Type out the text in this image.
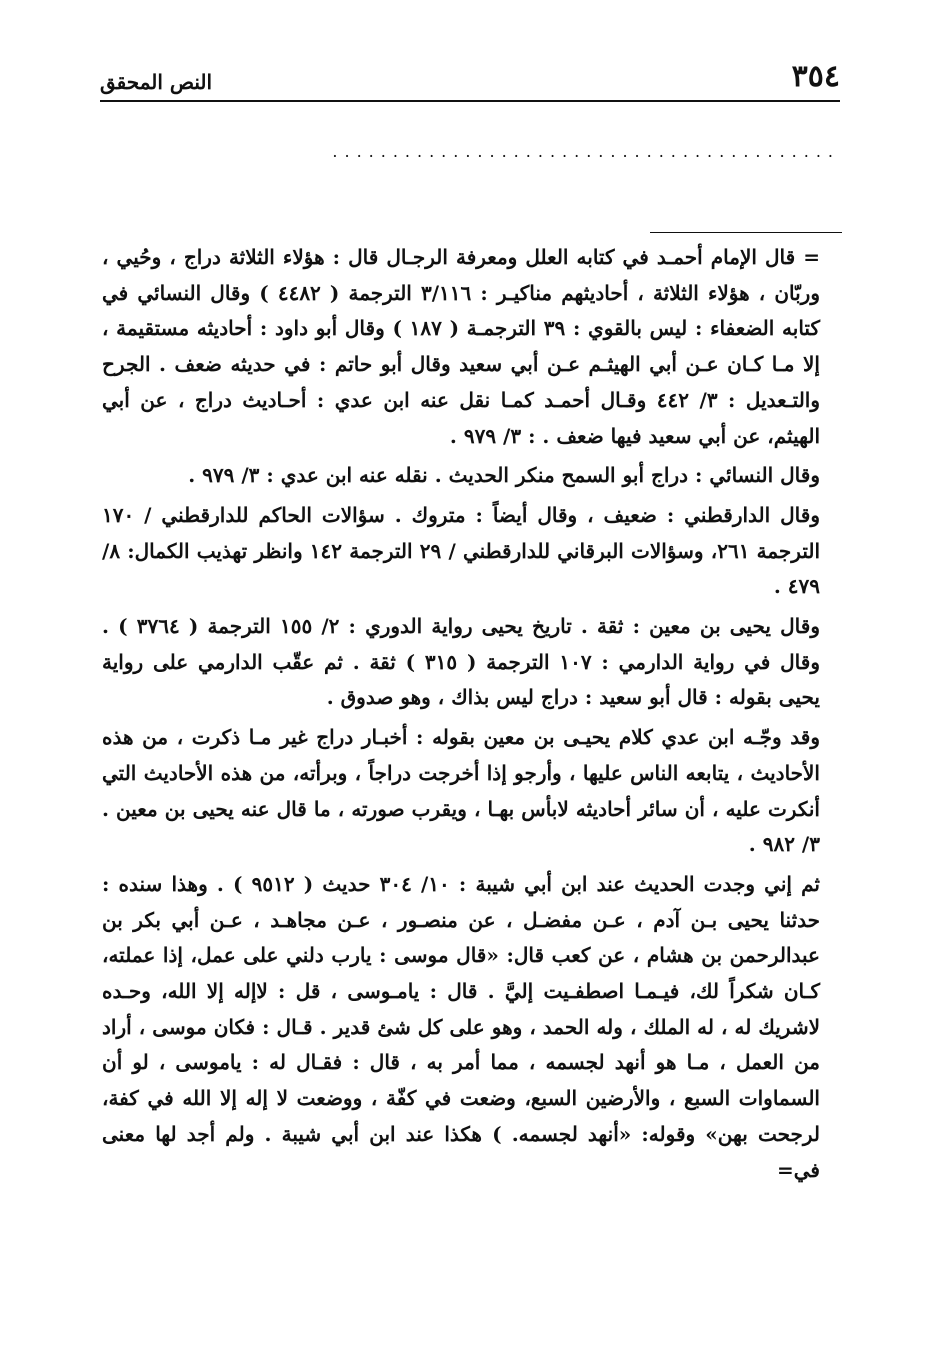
٣٥٤
النص المحقق
..........................................

= قال الإمام أحمـد في كتابه العلل ومعرفة الرجـال قال : هؤلاء الثلاثة دراج ، وحُيي ، وربّان ، هؤلاء الثلاثة ، أحاديثهم مناكيـر : ٣/١١٦ الترجمة ( ٤٤٨٢ ) وقال النسائي في كتابه الضعفاء : ليس بالقوي : ٣٩ الترجمـة ( ١٨٧ ) وقال أبو داود : أحاديثه مستقيمة ، إلا مـا كـان عـن أبي الهيثـم عـن أبي سعيد وقال أبو حاتم : في حديثه ضعف . الجرح والتـعديل : ٣/ ٤٤٢ وقـال أحمـد كمـا نقل عنه ابن عدي : أحـاديث دراج ، عن أبي الهيثم، عن أبي سعيد فيها ضعف . : ٣/ ٩٧٩ .

وقال النسائي : دراج أبو السمح منكر الحديث . نقله عنه ابن عدي : ٣/ ٩٧٩ .

وقال الدارقطني : ضعيف ، وقال أيضاً : متروك . سؤالات الحاكم للدارقطني / ١٧٠ الترجمة ٢٦١، وسؤالات البرقاني للدارقطني / ٢٩ الترجمة ١٤٢ وانظر تهذيب الكمال: ٨/ ٤٧٩ .

وقال يحيى بن معين : ثقة . تاريخ يحيى رواية الدوري : ٢/ ١٥٥ الترجمة ( ٣٧٦٤ ) . وقال في رواية الدارمي : ١٠٧ الترجمة ( ٣١٥ ) ثقة . ثم عقّب الدارمي على رواية يحيى بقوله : قال أبو سعيد : دراج ليس بذاك ، وهو صدوق .

وقد وجّـه ابن عدي كلام يحيـى بن معين بقوله : أخبـار دراج غير مـا ذكرت ، من هذه الأحاديث ، يتابعه الناس عليها ، وأرجو إذا أخرجت دراجاً ، وبرأته، من هذه الأحاديث التي أنكرت عليه ، أن سائر أحاديثه لابأس بهـا ، ويقرب صورته ، ما قال عنه يحيى بن معين . ٣/ ٩٨٢ .

ثم إني وجدت الحديث عند ابن أبي شيبة : ١٠/ ٣٠٤ حديث ( ٩٥١٢ ) . وهذا سنده : حدثنا يحيى بـن آدم ، عـن مفضـل ، عن منصـور ، عـن مجاهـد ، عـن أبي بكر بن عبدالرحمن بن هشام ، عن كعب قال: «قال موسى : يارب دلني على عمل، إذا عملته، كـان شكراً لك، فيـمـا اصطفـيت إليَّ . قال : يامـوسى ، قل : لاإله إلا الله، وحـده لاشريك له ، له الملك ، وله الحمد ، وهو على كل شئ قدير . قـال : فكان موسى ، أراد من العمل ، مـا هو أنهد لجسمه ، مما أمر به ، قال : فقـال له : ياموسى ، لو أن السماوات السبع ، والأرضين السبع، وضعت في كفّة ، ووضعت لا إله إلا الله في كفة، لرجحت بهن» وقوله: «أنهد لجسمه. ) هكذا عند ابن أبي شيبة . ولم أجد لها معنى في=
